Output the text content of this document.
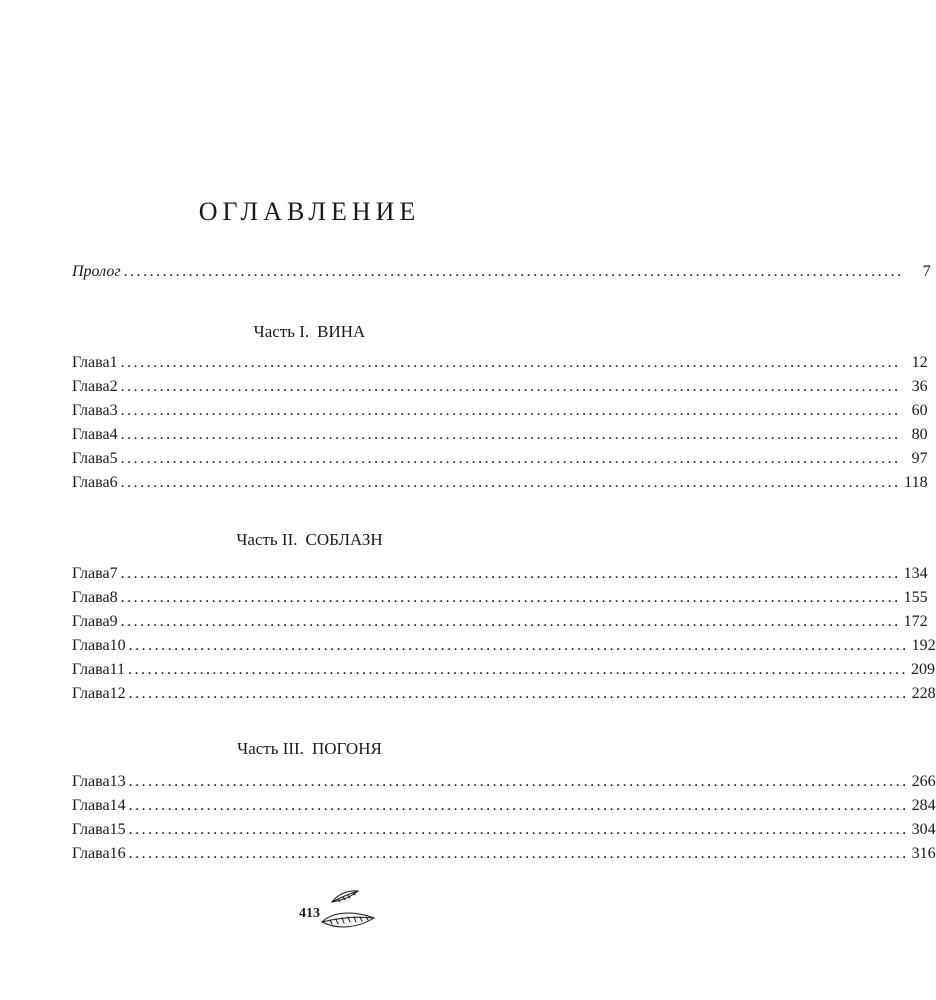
ОГЛАВЛЕНИЕ
Пролог ........................................................................................................................	7
Часть I. ВИНА
Глава 1 ........................................................................................................................ 12
Глава 2 ........................................................................................................................ 36
Глава 3 ........................................................................................................................ 60
Глава 4 ........................................................................................................................ 80
Глава 5 ........................................................................................................................ 97
Глава 6 ........................................................................................................................ 118
Часть II. СОБЛАЗН
Глава 7 ........................................................................................................................ 134
Глава 8 ........................................................................................................................ 155
Глава 9 ........................................................................................................................ 172
Глава 10 ........................................................................................................................ 192
Глава 11 ........................................................................................................................ 209
Глава 12 ........................................................................................................................ 228
Часть III. ПОГОНЯ
Глава 13 ........................................................................................................................ 266
Глава 14 ........................................................................................................................ 284
Глава 15 ........................................................................................................................ 304
Глава 16 ........................................................................................................................ 316
413
